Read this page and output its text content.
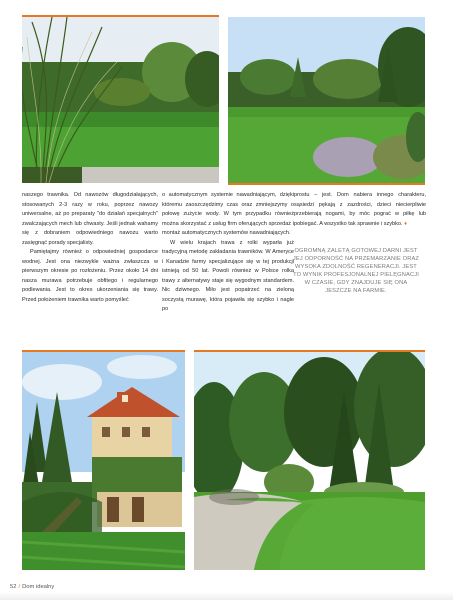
naszego trawnika. Od nawozów długodziałających, stosowanych 2-3 razy w roku, poprzez nawozy uniwersalne, aż po preparaty "do działań specjalnych" zwalczających mech lub chwasty. Jeśli jednak wahamy się z dobraniem odpowiedniego nawozu warto zasięgnąć porady specjalisty.

Pamiętajmy również o odpowiedniej gospodarce wodnej. Jest ona niezwykle ważna zwłaszcza w pierwszym okresie po rozłożeniu. Przez około 14 dni nasza murawa potrzebuje obfitego i regularnego podlewania. Jest to okres ukorzeniania się trawy. Przed położeniem trawnika warto pomyśleć

o automatycznym systemie nawadniającym, dzięki któremu zaoszczędzimy czas oraz zmniejszymy o połowę zużycie wody. W tym przypadku również można skorzystać z usług firm oferujących sprzedaż i montaż automatycznych systemów nawadniających.

W wielu krajach trawa z rolki wyparła już tradycyjną metodę zakładania trawników. W Ameryce i Kanadzie farmy specjalizujące się w tej produkcji istnieją od 50 lat. Powoli również w Polsce rolka trawy z alternatywy staje się wygodnym standardem. Nic dziwnego. Miło jest popatrzeć na zieloną soczystą murawę, która pojawiła się szybko i nagle po

prostu – jest. Dom nabiera innego charakteru, sąsiedzi pękają z zazdrości, dzieci niecierpliwie przebierają nogami, by móc pograć w piłkę lub pobiegać. A wszystko tak sprawnie i szybko. ♦

OGROMNĄ ZALETĄ GOTOWEJ DARNI JEST JEJ ODPORNOŚĆ NA PRZEMARZANIE ORAZ WYSOKA ZDOLNOŚĆ REGENERACJI. JEST TO WYNIK PROFESJONALNEJ PIELĘGNACJI W CZASIE, GDY ZNAJDUJE SIĘ ONA JESZCZE NA FARMIE.
52 / Dom idealny
